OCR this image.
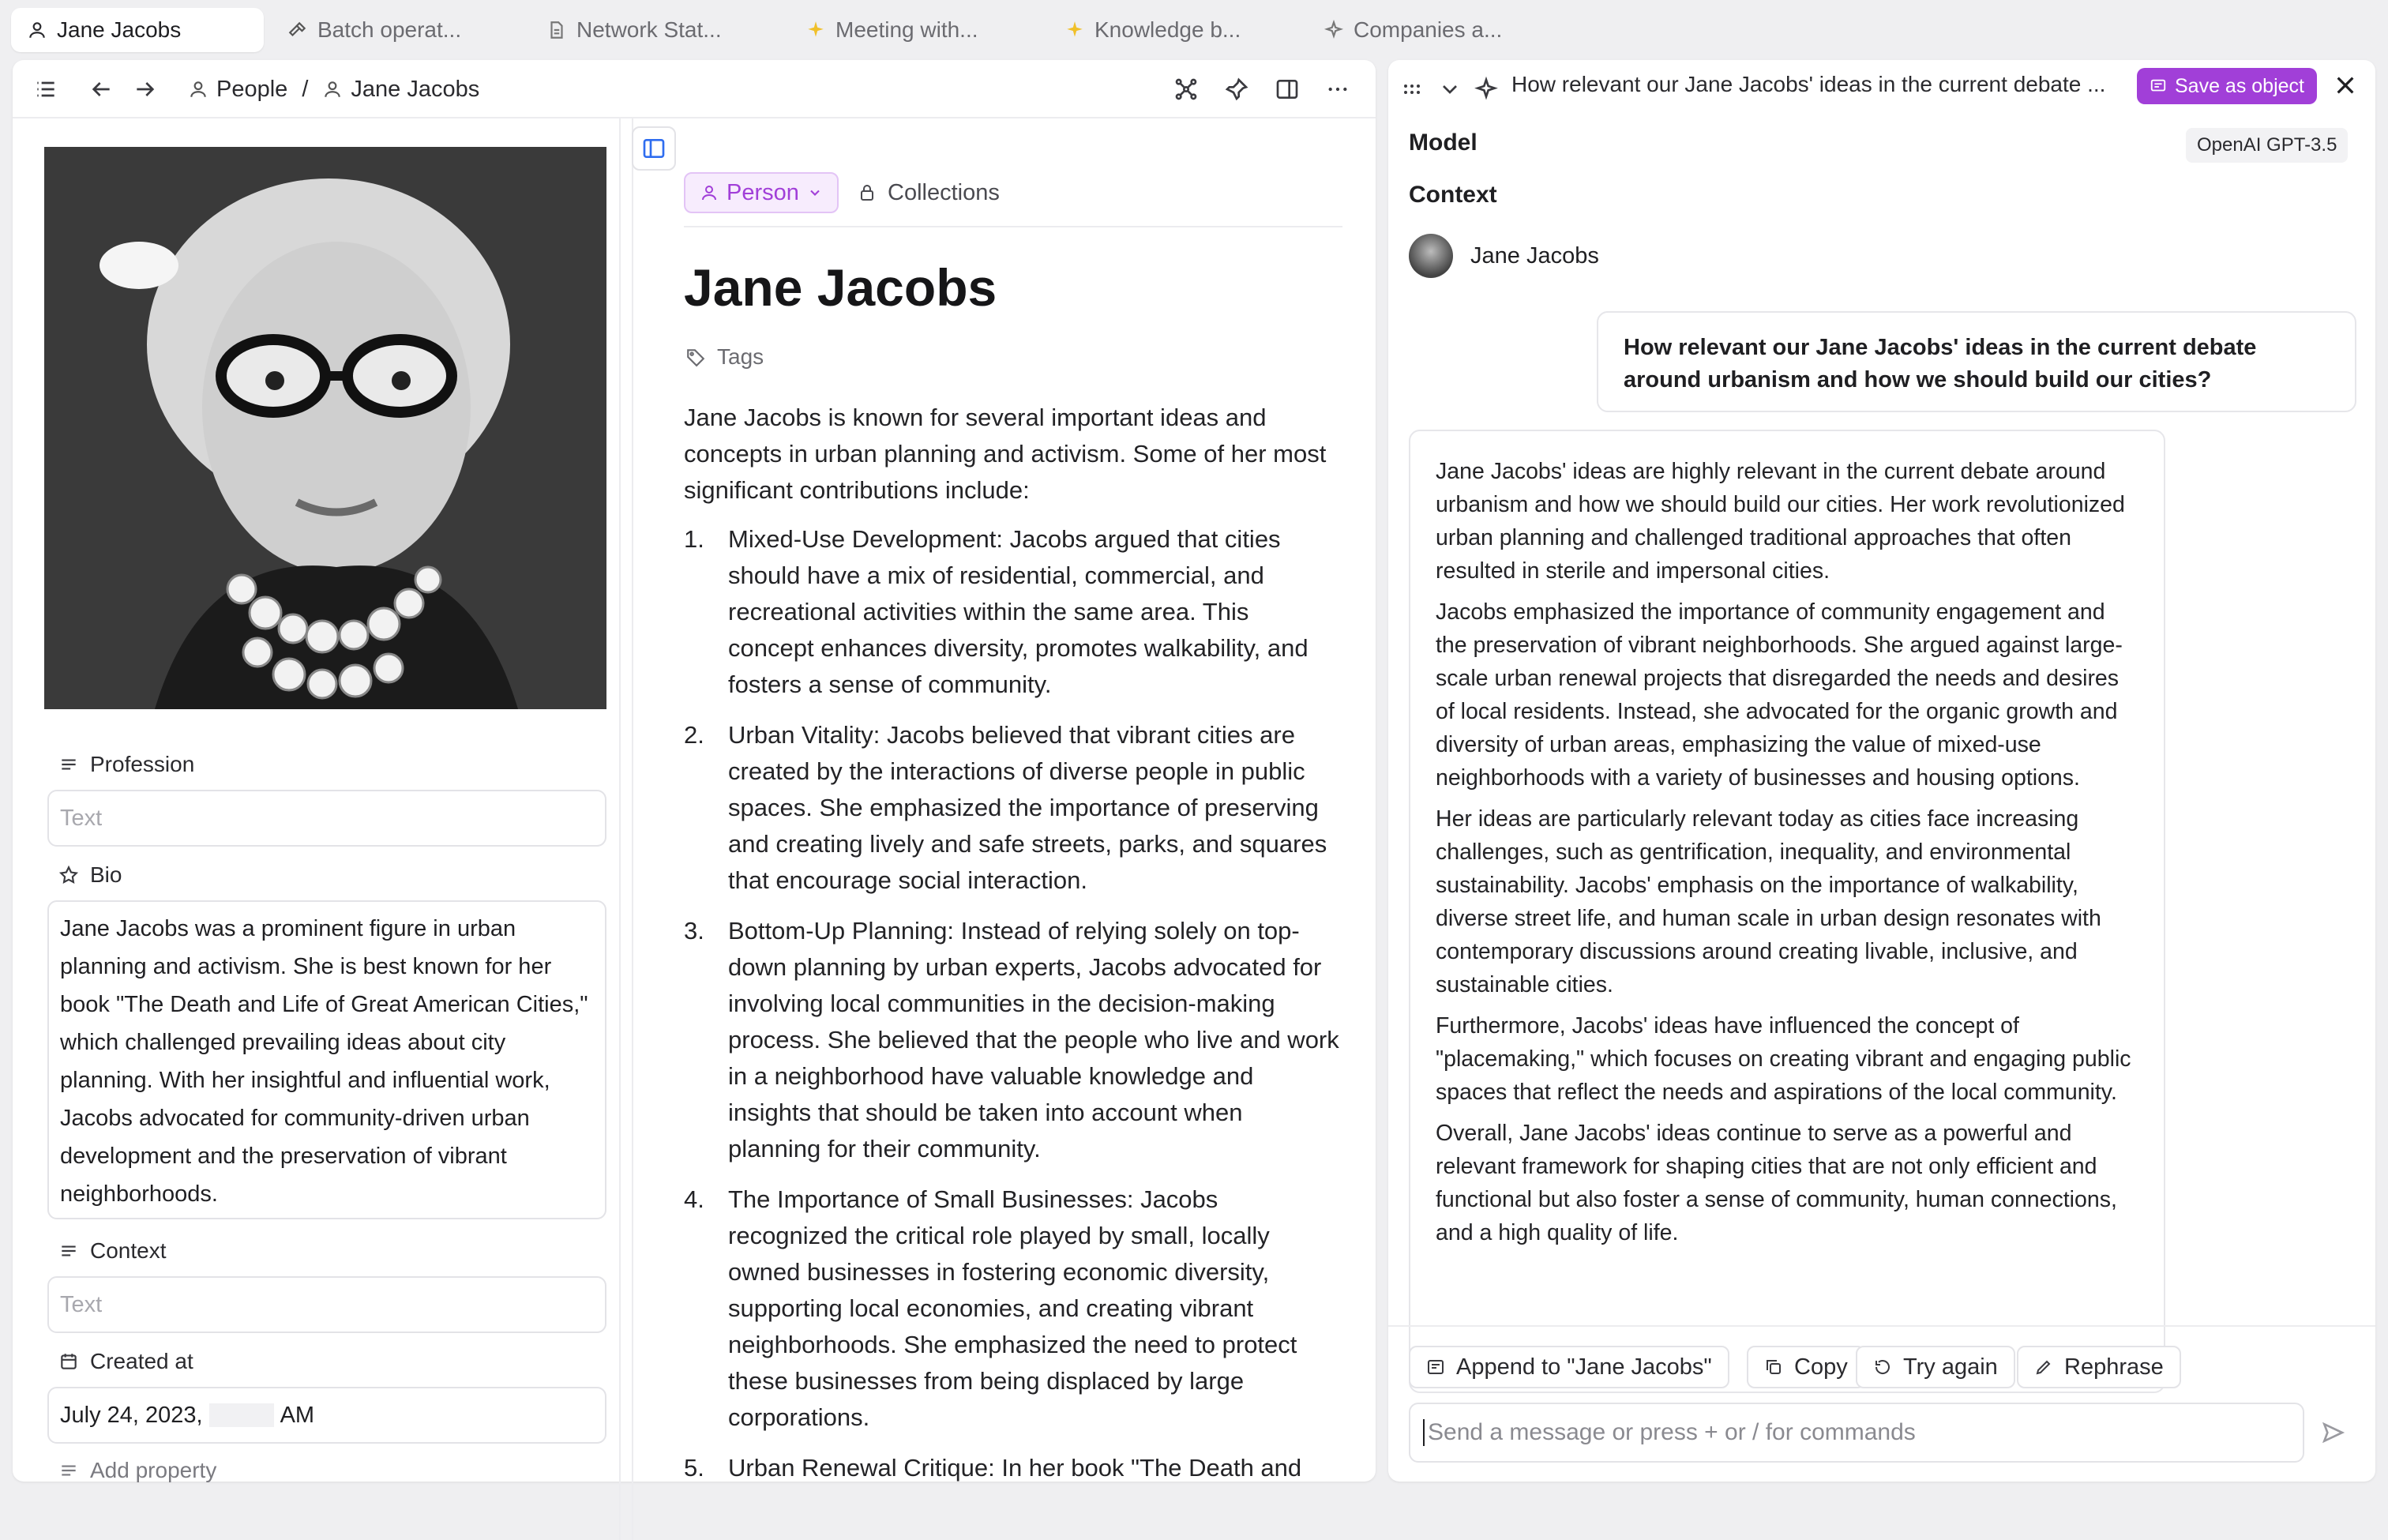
Jane Jacobs	Batch operat...	Network Stat...	Meeting with...	Knowledge b...	Companies a...
People / Jane Jacobs
Profession
Text
Bio
Jane Jacobs was a prominent figure in urban planning and activism. She is best known for her book "The Death and Life of Great American Cities," which challenged prevailing ideas about city planning. With her insightful and influential work, Jacobs advocated for community-driven urban development and the preservation of vibrant neighborhoods.
Context
Text
Created at
July 24, 2023,	AM
Add property
Person	Collections
Jane Jacobs
Tags

Jane Jacobs is known for several important ideas and concepts in urban planning and activism. Some of her most significant contributions include:

1. Mixed-Use Development: Jacobs argued that cities should have a mix of residential, commercial, and recreational activities within the same area. This concept enhances diversity, promotes walkability, and fosters a sense of community.
2. Urban Vitality: Jacobs believed that vibrant cities are created by the interactions of diverse people in public spaces. She emphasized the importance of preserving and creating lively and safe streets, parks, and squares that encourage social interaction.
3. Bottom-Up Planning: Instead of relying solely on top-down planning by urban experts, Jacobs advocated for involving local communities in the decision-making process. She believed that the people who live and work in a neighborhood have valuable knowledge and insights that should be taken into account when planning for their community.
4. The Importance of Small Businesses: Jacobs recognized the critical role played by small, locally owned businesses in fostering economic diversity, supporting local economies, and creating vibrant neighborhoods. She emphasized the need to protect these businesses from being displaced by large corporations.
5. Urban Renewal Critique: In her book "The Death and
How relevant our Jane Jacobs' ideas in the current debate ...	Save as object
Model	OpenAI GPT-3.5
Context
Jane Jacobs
How relevant our Jane Jacobs' ideas in the current debate around urbanism and how we should build our cities?

Jane Jacobs' ideas are highly relevant in the current debate around urbanism and how we should build our cities. Her work revolutionized urban planning and challenged traditional approaches that often resulted in sterile and impersonal cities.

Jacobs emphasized the importance of community engagement and the preservation of vibrant neighborhoods. She argued against large-scale urban renewal projects that disregarded the needs and desires of local residents. Instead, she advocated for the organic growth and diversity of urban areas, emphasizing the value of mixed-use neighborhoods with a variety of businesses and housing options.

Her ideas are particularly relevant today as cities face increasing challenges, such as gentrification, inequality, and environmental sustainability. Jacobs' emphasis on the importance of walkability, diverse street life, and human scale in urban design resonates with contemporary discussions around creating livable, inclusive, and sustainable cities.

Furthermore, Jacobs' ideas have influenced the concept of "placemaking," which focuses on creating vibrant and engaging public spaces that reflect the needs and aspirations of the local community.

Overall, Jane Jacobs' ideas continue to serve as a powerful and relevant framework for shaping cities that are not only efficient and functional but also foster a sense of community, human connections, and a high quality of life.

Append to "Jane Jacobs"	Copy Try again	Rephrase
Send a message or press + or / for commands
